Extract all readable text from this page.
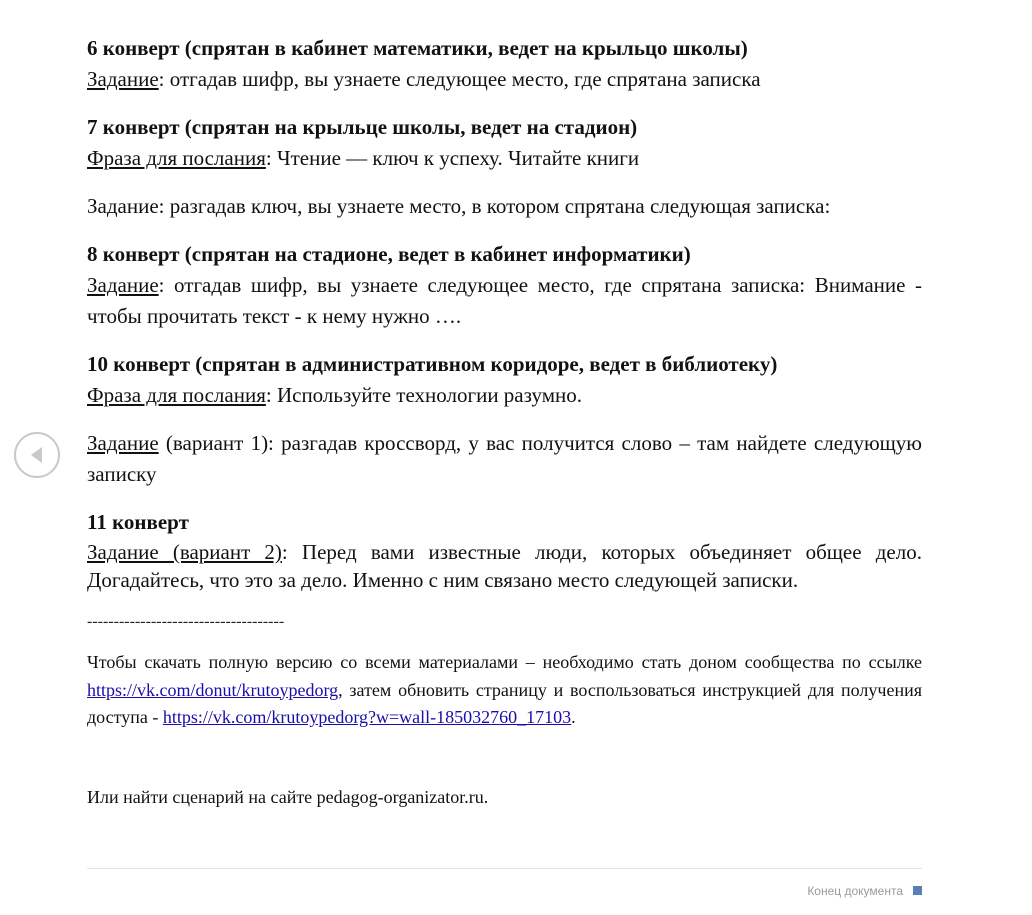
6 конверт (спрятан в кабинет математики, ведет на крыльцо школы)

Задание: отгадав шифр, вы узнаете следующее место, где спрятана записка

7 конверт (спрятан на крыльце школы, ведет на стадион)

Фраза для послания: Чтение — ключ к успеху. Читайте книги

Задание: разгадав ключ, вы узнаете место, в котором спрятана следующая записка:

8 конверт (спрятан на стадионе, ведет в кабинет информатики)

Задание: отгадав шифр, вы узнаете следующее место, где спрятана записка: Внимание - чтобы прочитать текст - к нему нужно ….

10 конверт (спрятан в административном коридоре, ведет в библиотеку)

Фраза для послания: Используйте технологии разумно.

Задание (вариант 1): разгадав кроссворд, у вас получится слово – там найдете следующую записку

11 конверт

Задание (вариант 2): Перед вами известные люди, которых объединяет общее дело. Догадайтесь, что это за дело. Именно с ним связано место следующей записки.

-------------------------------------

Чтобы скачать полную версию со всеми материалами – необходимо стать доном сообщества по ссылке https://vk.com/donut/krutoypedorg, затем обновить страницу и воспользоваться инструкцией для получения доступа - https://vk.com/krutoypedorg?w=wall-185032760_17103.

Или найти сценарий на сайте pedagog-organizator.ru.

Конец документа
